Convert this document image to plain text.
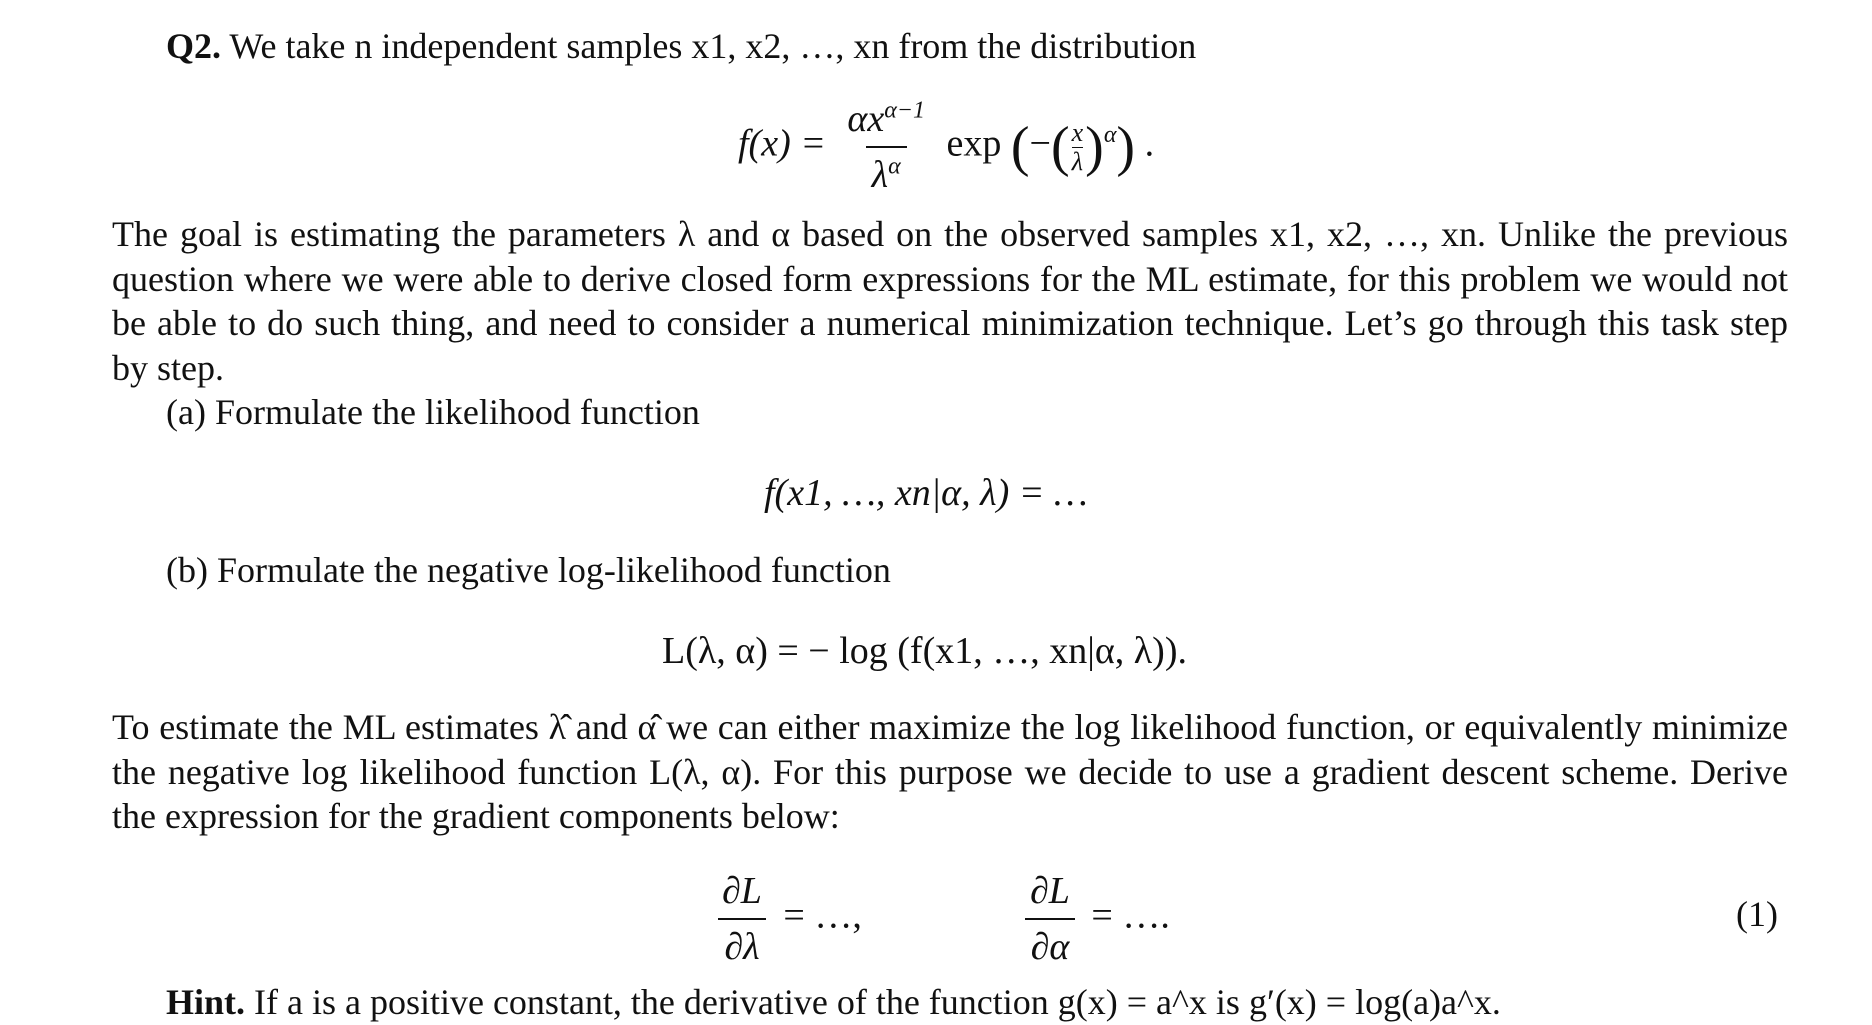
Q2. We take n independent samples x1, x2, …, xn from the distribution
$f(x) = \frac{\alpha x^{\alpha-1}}{\lambda^\alpha}$ exp (−( $\frac{x}{\lambda} )^\alpha$) .
The goal is estimating the parameters λ and α based on the observed samples x1, x2, …, xn. Unlike the previous question where we were able to derive closed form expressions for the ML estimate, for this problem we would not be able to do such thing, and need to consider a numerical minimization technique. Let’s go through this task step by step.
(a) Formulate the likelihood function
f(x1, …, xn|α, λ) = …
(b) Formulate the negative log-likelihood function
L(λ, α) = − log (f(x1, …, xn|α, λ)).
To estimate the ML estimates λ̂ and α̂ we can either maximize the log likelihood function, or equivalently minimize the negative log likelihood function L(λ, α). For this purpose we decide to use a gradient descent scheme. Derive the expression for the gradient components below:
$\frac{\partial L}{\partial\lambda}$ = …,	$\frac{\partial L}{\partial\alpha}$ = ….	(1)
Hint. If a is a positive constant, the derivative of the function g(x) = a^x is g′(x) = log(a)a^x.
